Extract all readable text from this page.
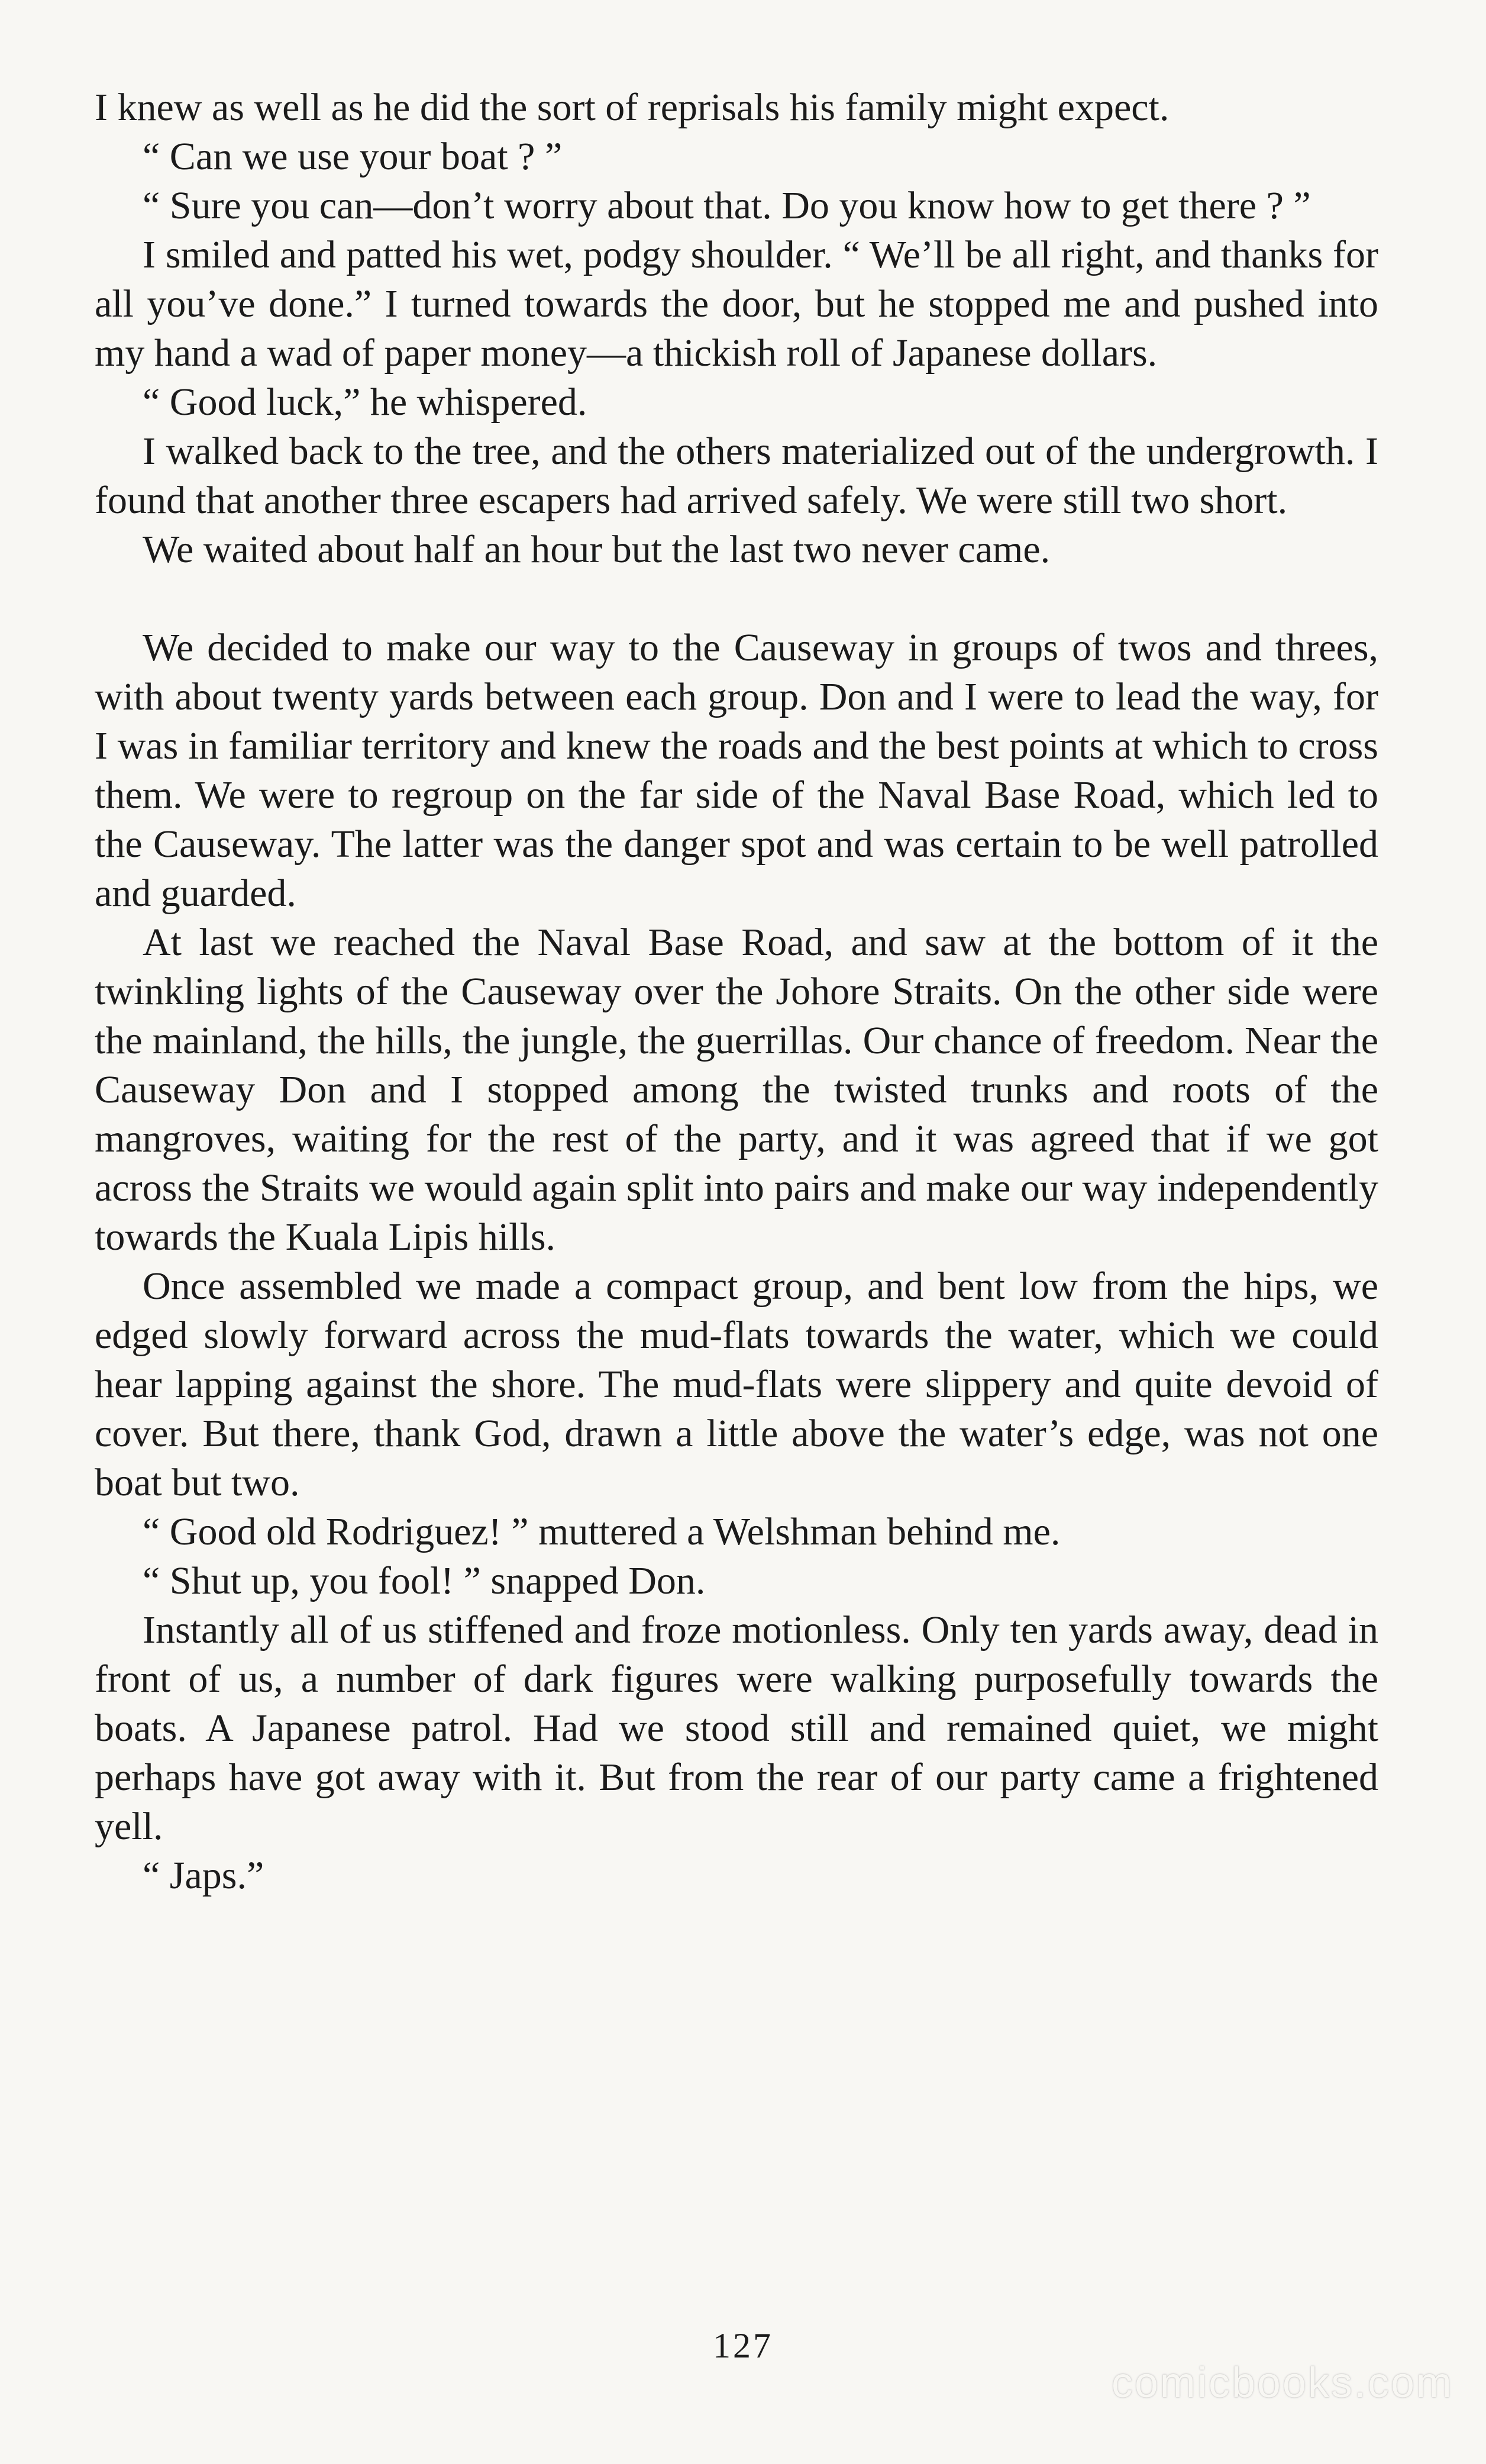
I knew as well as he did the sort of reprisals his family might expect.

“ Can we use your boat ? ”

“ Sure you can—don’t worry about that. Do you know how to get there ? ”

I smiled and patted his wet, podgy shoulder. “ We’ll be all right, and thanks for all you’ve done.” I turned towards the door, but he stopped me and pushed into my hand a wad of paper money—a thickish roll of Japanese dollars.

“ Good luck,” he whispered.

I walked back to the tree, and the others materialized out of the undergrowth. I found that another three escapers had arrived safely. We were still two short.

We waited about half an hour but the last two never came.

We decided to make our way to the Causeway in groups of twos and threes, with about twenty yards between each group. Don and I were to lead the way, for I was in familiar territory and knew the roads and the best points at which to cross them. We were to regroup on the far side of the Naval Base Road, which led to the Causeway. The latter was the danger spot and was certain to be well patrolled and guarded.

At last we reached the Naval Base Road, and saw at the bottom of it the twinkling lights of the Causeway over the Johore Straits. On the other side were the mainland, the hills, the jungle, the guerrillas. Our chance of freedom. Near the Causeway Don and I stopped among the twisted trunks and roots of the mangroves, waiting for the rest of the party, and it was agreed that if we got across the Straits we would again split into pairs and make our way independently towards the Kuala Lipis hills.

Once assembled we made a compact group, and bent low from the hips, we edged slowly forward across the mud-flats towards the water, which we could hear lapping against the shore. The mud-flats were slippery and quite devoid of cover. But there, thank God, drawn a little above the water’s edge, was not one boat but two.

“ Good old Rodriguez! ” muttered a Welshman behind me.

“ Shut up, you fool! ” snapped Don.

Instantly all of us stiffened and froze motionless. Only ten yards away, dead in front of us, a number of dark figures were walking purposefully towards the boats. A Japanese patrol. Had we stood still and remained quiet, we might perhaps have got away with it. But from the rear of our party came a frightened yell.

“ Japs.”

127
comicbooks.com
